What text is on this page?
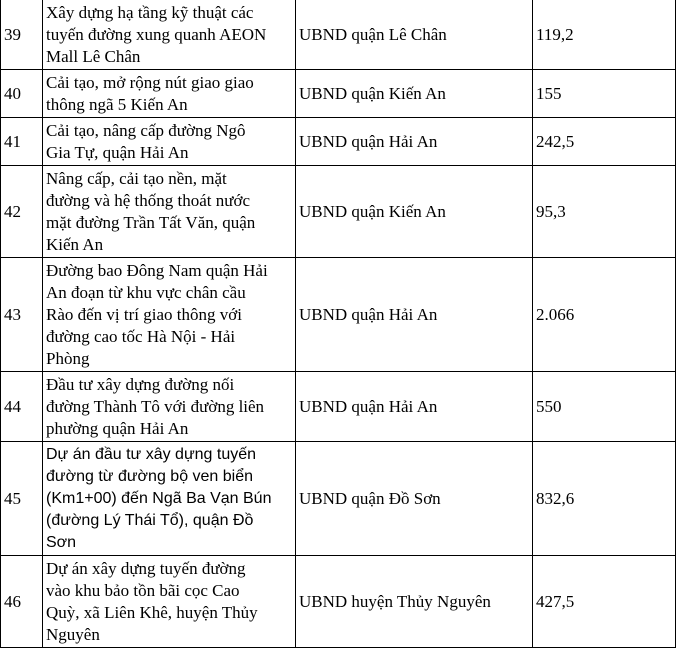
39	Xây dựng hạ tầng kỹ thuật các
tuyến đường xung quanh AEON
Mall Lê Chân	UBND quận Lê Chân	119,2

40	Cải tạo, mở rộng nút giao giao
thông ngã 5 Kiến An	UBND quận Kiến An	155

41	Cải tạo, nâng cấp đường Ngô
Gia Tự, quận Hải An	UBND quận Hải An	242,5

42	Nâng cấp, cải tạo nền, mặt
đường và hệ thống thoát nước
mặt đường Trần Tất Văn, quận
Kiến An	UBND quận Kiến An	95,3

43	Đường bao Đông Nam quận Hải
An đoạn từ khu vực chân cầu
Rào đến vị trí giao thông với
đường cao tốc Hà Nội - Hải
Phòng	UBND quận Hải An	2.066

44	Đầu tư xây dựng đường nối
đường Thành Tô với đường liên
phường quận Hải An	UBND quận Hải An	550

45	Dự án đầu tư xây dựng tuyến
đường từ đường bộ ven biển
(Km1+00) đến Ngã Ba Vạn Bún
(đường Lý Thái Tổ), quận Đồ
Sơn	UBND quận Đồ Sơn	832,6

46	Dự án xây dựng tuyến đường
vào khu bảo tồn bãi cọc Cao
Quỳ, xã Liên Khê, huyện Thủy
Nguyên	UBND huyện Thủy Nguyên	427,5
